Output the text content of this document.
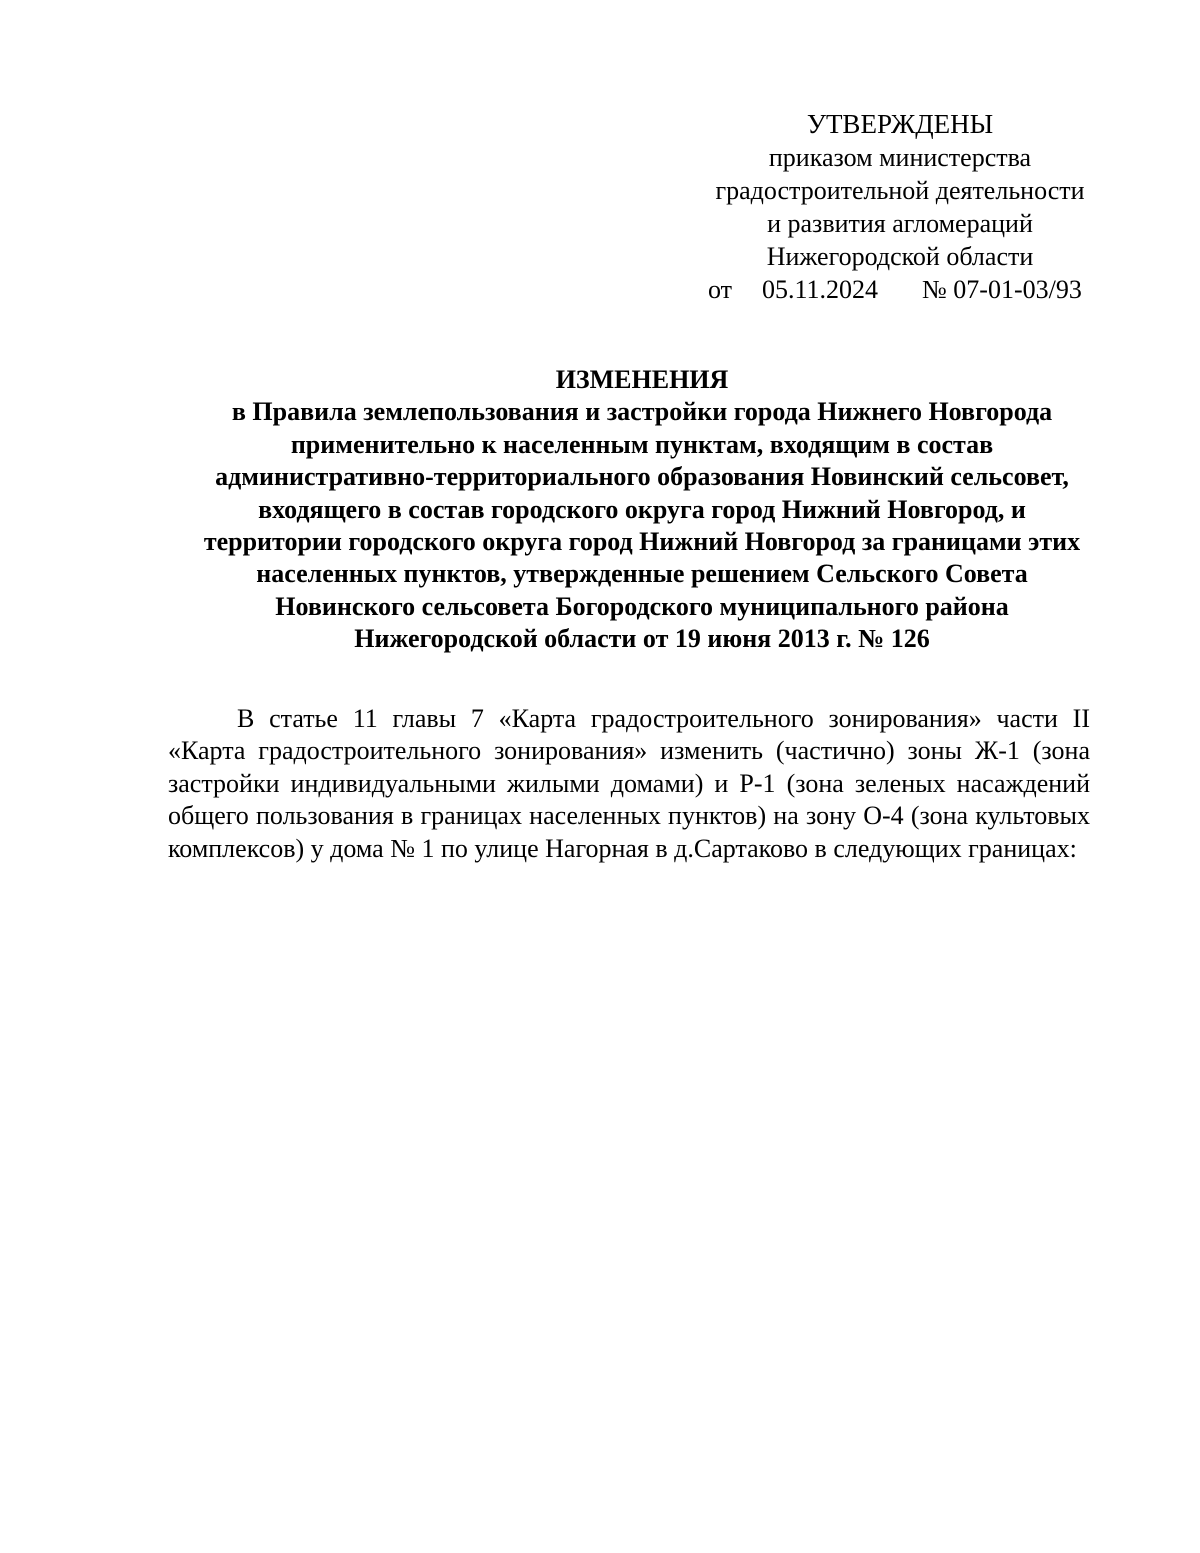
УТВЕРЖДЕНЫ
приказом министерства
градостроительной деятельности
и развития агломераций
Нижегородской области
от 05.11.2024 № 07-01-03/93
ИЗМЕНЕНИЯ
в Правила землепользования и застройки города Нижнего Новгорода
применительно к населенным пунктам, входящим в состав
административно-территориального образования Новинский сельсовет,
входящего в состав городского округа город Нижний Новгород, и
территории городского округа город Нижний Новгород за границами этих
населенных пунктов, утвержденные решением Сельского Совета
Новинского сельсовета Богородского муниципального района
Нижегородской области от 19 июня 2013 г. № 126

В статье 11 главы 7 «Карта градостроительного зонирования» части II «Карта градостроительного зонирования» изменить (частично) зоны Ж-1 (зона застройки индивидуальными жилыми домами) и Р-1 (зона зеленых насаждений общего пользования в границах населенных пунктов) на зону О-4 (зона культовых комплексов) у дома № 1 по улице Нагорная в д.Сартаково в следующих границах:
